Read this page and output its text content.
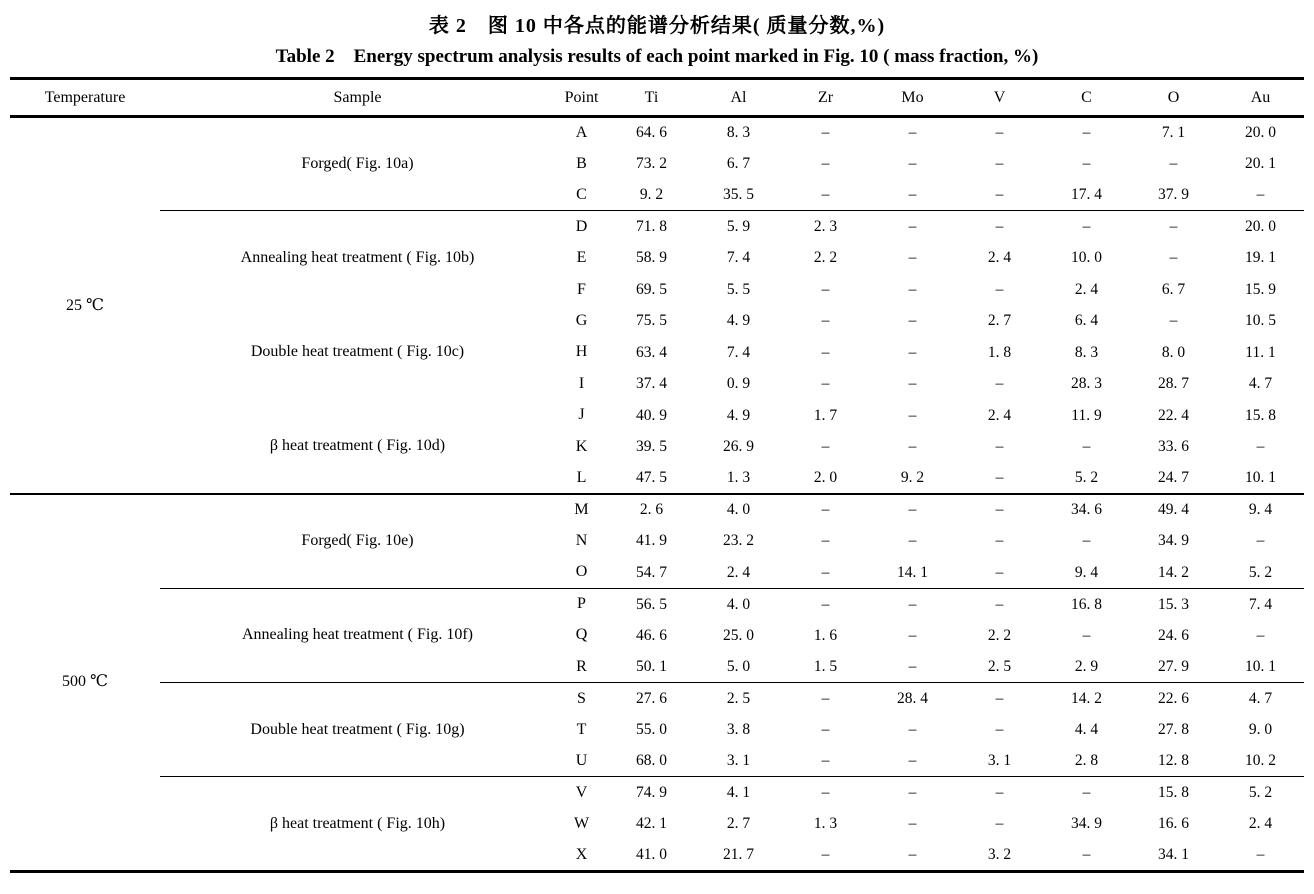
表 2 图 10 中各点的能谱分析结果( 质量分数,%)
Table 2 Energy spectrum analysis results of each point marked in Fig. 10 ( mass fraction, %)
Temperature	Sample	Point	Ti	Al	Zr	Mo	V	C	O	Au
25 ℃	Forged( Fig. 10a)	A	64. 6	8. 3	–	–	–	–	7. 1	20. 0
		B	73. 2	6. 7	–	–	–	–	–	20. 1
		C	9. 2	35. 5	–	–	–	17. 4	37. 9	–
	Annealing heat treatment ( Fig. 10b)	D	71. 8	5. 9	2. 3	–	–	–	–	20. 0
		E	58. 9	7. 4	2. 2	–	2. 4	10. 0	–	19. 1
		F	69. 5	5. 5	–	–	–	2. 4	6. 7	15. 9
	Double heat treatment ( Fig. 10c)	G	75. 5	4. 9	–	–	2. 7	6. 4	–	10. 5
		H	63. 4	7. 4	–	–	1. 8	8. 3	8. 0	11. 1
		I	37. 4	0. 9	–	–	–	28. 3	28. 7	4. 7
	β heat treatment ( Fig. 10d)	J	40. 9	4. 9	1. 7	–	2. 4	11. 9	22. 4	15. 8
		K	39. 5	26. 9	–	–	–	–	33. 6	–
		L	47. 5	1. 3	2. 0	9. 2	–	5. 2	24. 7	10. 1
500 ℃	Forged( Fig. 10e)	M	2. 6	4. 0	–	–	–	34. 6	49. 4	9. 4
		N	41. 9	23. 2	–	–	–	–	34. 9	–
		O	54. 7	2. 4	–	14. 1	–	9. 4	14. 2	5. 2
	Annealing heat treatment ( Fig. 10f)	P	56. 5	4. 0	–	–	–	16. 8	15. 3	7. 4
		Q	46. 6	25. 0	1. 6	–	2. 2	–	24. 6	–
		R	50. 1	5. 0	1. 5	–	2. 5	2. 9	27. 9	10. 1
	Double heat treatment ( Fig. 10g)	S	27. 6	2. 5	–	28. 4	–	14. 2	22. 6	4. 7
		T	55. 0	3. 8	–	–	–	4. 4	27. 8	9. 0
		U	68. 0	3. 1	–	–	3. 1	2. 8	12. 8	10. 2
	β heat treatment ( Fig. 10h)	V	74. 9	4. 1	–	–	–	–	15. 8	5. 2
		W	42. 1	2. 7	1. 3	–	–	34. 9	16. 6	2. 4
		X	41. 0	21. 7	–	–	3. 2	–	34. 1	–
